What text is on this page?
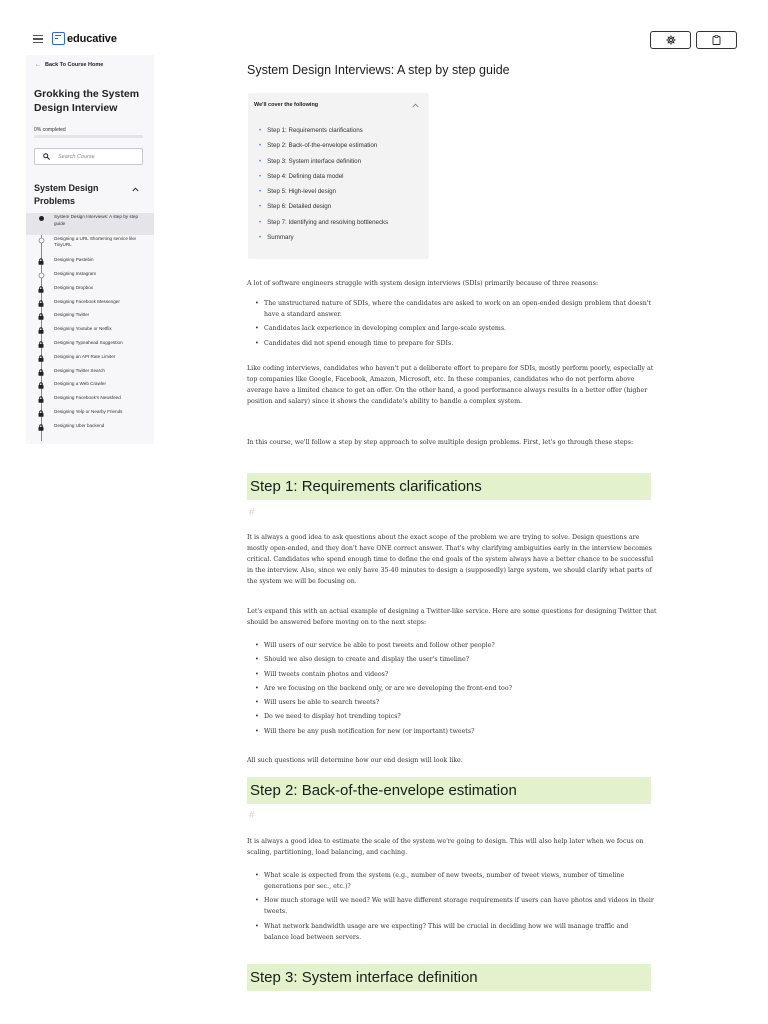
educative
← Back To Course Home
Grokking the System Design Interview
0% completed
Search Course
System Design Problems
System Design Interviews: A step by step guide
Designing a URL Shortening service like TinyURL
Designing Pastebin
Designing Instagram
Designing Dropbox
Designing Facebook Messenger
Designing Twitter
Designing Youtube or Netflix
Designing Typeahead Suggestion
Designing an API Rate Limiter
Designing Twitter Search
Designing a Web Crawler
Designing Facebook's Newsfeed
Designing Yelp or Nearby Friends
Designing Uber backend
System Design Interviews: A step by step guide
We'll cover the following
• Step 1: Requirements clarifications
• Step 2: Back-of-the-envelope estimation
• Step 3: System interface definition
• Step 4: Defining data model
• Step 5: High-level design
• Step 6: Detailed design
• Step 7: Identifying and resolving bottlenecks
• Summary
A lot of software engineers struggle with system design interviews (SDIs) primarily because of three reasons:
• The unstructured nature of SDIs, where the candidates are asked to work on an open-ended design problem that doesn't have a standard answer.
• Candidates lack experience in developing complex and large-scale systems.
• Candidates did not spend enough time to prepare for SDIs.
Like coding interviews, candidates who haven't put a deliberate effort to prepare for SDIs, mostly perform poorly, especially at top companies like Google, Facebook, Amazon, Microsoft, etc. In these companies, candidates who do not perform above average have a limited chance to get an offer. On the other hand, a good performance always results in a better offer (higher position and salary) since it shows the candidate's ability to handle a complex system.
In this course, we'll follow a step by step approach to solve multiple design problems. First, let's go through these steps:
Step 1: Requirements clarifications
#
It is always a good idea to ask questions about the exact scope of the problem we are trying to solve. Design questions are mostly open-ended, and they don't have ONE correct answer. That's why clarifying ambiguities early in the interview becomes critical. Candidates who spend enough time to define the end goals of the system always have a better chance to be successful in the interview. Also, since we only have 35-40 minutes to design a (supposedly) large system, we should clarify what parts of the system we will be focusing on.
Let's expand this with an actual example of designing a Twitter-like service. Here are some questions for designing Twitter that should be answered before moving on to the next steps:
• Will users of our service be able to post tweets and follow other people?
• Should we also design to create and display the user's timeline?
• Will tweets contain photos and videos?
• Are we focusing on the backend only, or are we developing the front-end too?
• Will users be able to search tweets?
• Do we need to display hot trending topics?
• Will there be any push notification for new (or important) tweets?
All such questions will determine how our end design will look like.
Step 2: Back-of-the-envelope estimation
#
It is always a good idea to estimate the scale of the system we're going to design. This will also help later when we focus on scaling, partitioning, load balancing, and caching.
• What scale is expected from the system (e.g., number of new tweets, number of tweet views, number of timeline generations per sec., etc.)?
• How much storage will we need? We will have different storage requirements if users can have photos and videos in their tweets.
• What network bandwidth usage are we expecting? This will be crucial in deciding how we will manage traffic and balance load between servers.
Step 3: System interface definition
